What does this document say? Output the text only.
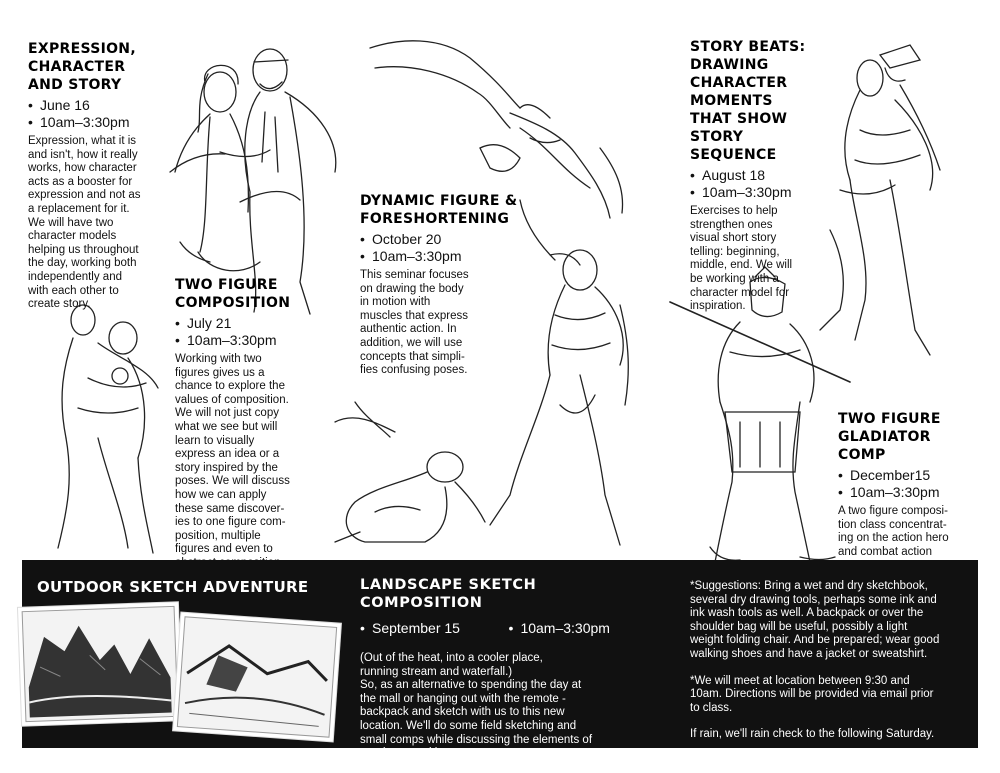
EXPRESSION,
CHARACTER
AND STORY
• June 16
• 10am–3:30pm
Expression, what it is
and isn't, how it really
works, how character
acts as a booster for
expression and not as
a replacement for it.
We will have two
character models
helping us throughout
the day, working both
independently and
with each other to
create story.
TWO FIGURE
COMPOSITION
• July 21
• 10am–3:30pm
Working with two
figures gives us a
chance to explore the
values of composition.
We will not just copy
what we see but will
learn to visually
express an idea or a
story inspired by the
poses. We will discuss
how we can apply
these same discover-
ies to one figure com-
position, multiple
figures and even to

DYNAMIC FIGURE &
FORESHORTENING
• October 20
• 10am–3:30pm
This seminar focuses
on drawing the body
in motion with
muscles that express
authentic action. In
addition, we will use
concepts that simpli-
fies confusing poses.
STORY BEATS:
DRAWING
CHARACTER
MOMENTS
THAT SHOW
STORY SEQUENCE
• August 18
• 10am–3:30pm
Exercises to help
strengthen ones
visual short story
telling: beginning,
middle, end. We will
be working with a
character model for
inspiration.
TWO FIGURE
GLADIATOR COMP
• December15
• 10am–3:30pm
A two figure composi-
tion class concentrat-
ing on the action hero
and combat action

OUTDOOR SKETCH ADVENTURE	LANDSCAPE SKETCH COMPOSITION
• September 15 •	10am–3:30pm
(Out of the heat, into a cooler place,
running stream and waterfall.)
So, as an alternative to spending the day at
the mall or hanging out with the remote -
backpack and sketch with us to this new
location. We'll do some field sketching and
small comps while discussing the elements of
good composition.
*Suggestions: Bring a wet and dry sketchbook,
several dry drawing tools, perhaps some ink and
ink wash tools as well. A backpack or over the
shoulder bag will be useful, possibly a light
weight folding chair. And be prepared; wear good
walking shoes and have a jacket or sweatshirt.
*We will meet at location between 9:30 and
10am. Directions will be provided via email prior
to class.
If rain, we'll rain check to the following Saturday.
